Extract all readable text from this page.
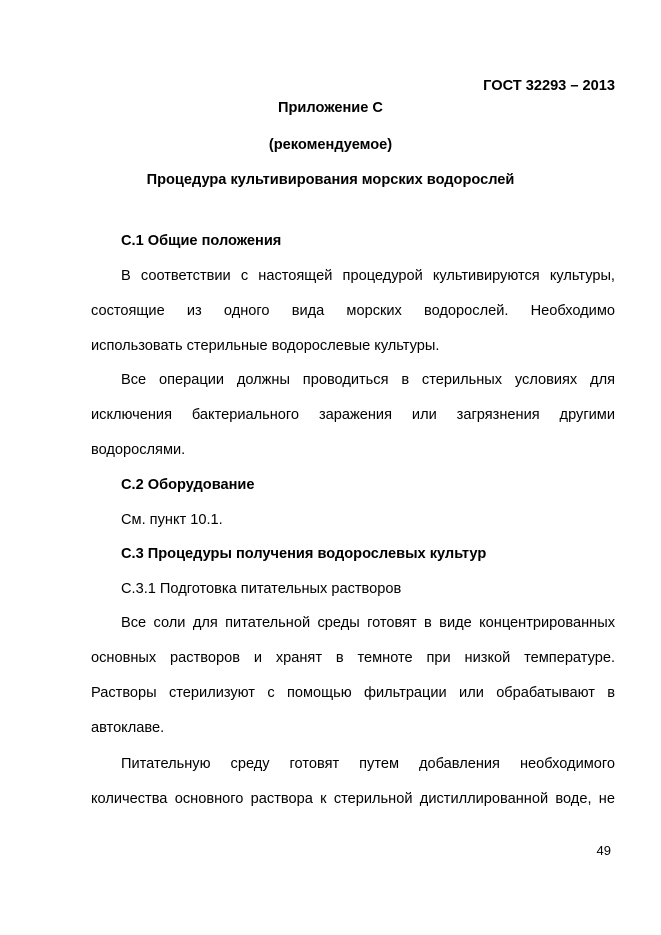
ГОСТ 32293 – 2013

Приложение С

(рекомендуемое)

Процедура культивирования морских водорослей

С.1 Общие положения

В соответствии с настоящей процедурой культивируются культуры,

состоящие из одного вида морских водорослей. Необходимо

использовать стерильные водорослевые культуры.

Все операции должны проводиться в стерильных условиях для

исключения бактериального заражения или загрязнения другими

водорослями.

С.2 Оборудование

См. пункт 10.1.

С.3 Процедуры получения водорослевых культур

С.3.1 Подготовка питательных растворов

Все соли для питательной среды готовят в виде концентрированных

основных растворов и хранят в темноте при низкой температуре.

Растворы стерилизуют с помощью фильтрации или обрабатывают в

автоклаве.

Питательную среду готовят путем добавления необходимого

количества основного раствора к стерильной дистиллированной воде, не

49
